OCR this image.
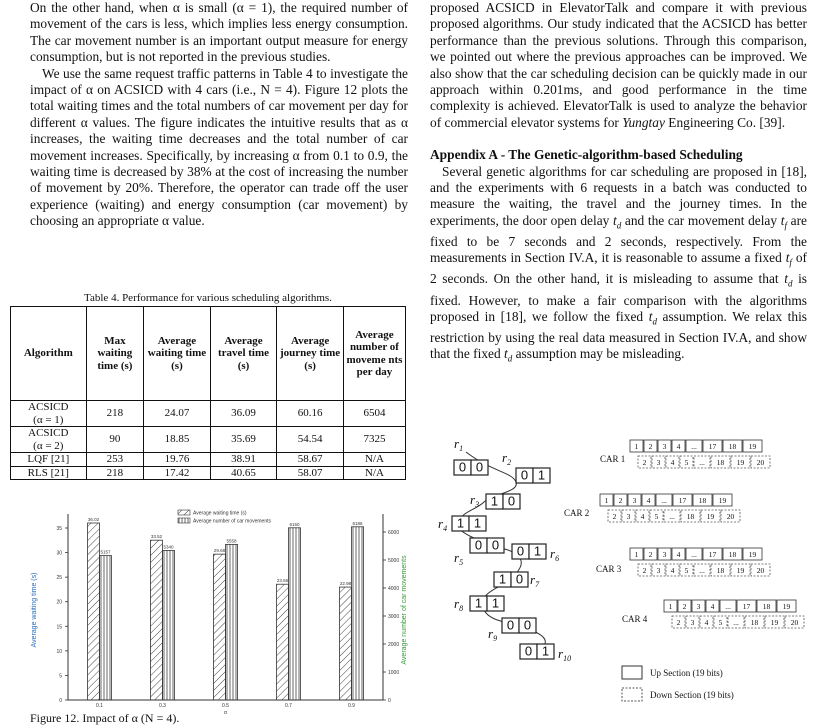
On the other hand, when α is small (α = 1), the required number of movement of the cars is less, which implies less energy consumption. The car movement number is an important output measure for energy consumption, but is not reported in the previous studies.

We use the same request traffic patterns in Table 4 to investigate the impact of α on ACSICD with 4 cars (i.e., N = 4). Figure 12 plots the total waiting times and the total numbers of car movement per day for different α values. The figure indicates the intuitive results that as α increases, the waiting time decreases and the total number of car movement increases. Specifically, by increasing α from 0.1 to 0.9, the waiting time is decreased by 38% at the cost of increasing the number of movement by 20%. Therefore, the operator can trade off the user experience (waiting) and energy consumption (car movement) by choosing an appropriate α value.

Table 4. Performance for various scheduling algorithms.
Algorithm	Max waiting time (s)	Average waiting time (s)	Average travel time (s)	Average journey time (s)	Average number of moveme nts per day
ACSICD
(α = 1)	218	24.07	36.09	60.16	6504
ACSICD
(α = 2)	90	18.85	35.69	54.54	7325
LQF [21]	253	19.76	38.91	58.67	N/A
RLS [21]	218	17.42	40.65	58.07	N/A
0
5
10
15
20
25
30
35
0
1000
2000
3000
4000
5000
6000
Average waiting time (s)	Average number of car movements
α
36.02
5157
0.1
33.52
5340
0.3
29.68
5558
0.5
23.56
6150
0.7
22.98
6186
0.9
Average waiting time (s)
Average number of car movements
Figure 12. Impact of α (N = 4).

proposed ACSICD in ElevatorTalk and compare it with previous proposed algorithms. Our study indicated that the ACSICD has better performance than the previous solutions. Through this comparison, we pointed out where the previous approaches can be improved. We also show that the car scheduling decision can be quickly made in our approach within 0.201ms, and good performance in the time complexity is achieved. ElevatorTalk is used to analyze the behavior of commercial elevator systems for Yungtay Engineering Co. [39].

Appendix A - The Genetic-algorithm-based Scheduling

Several genetic algorithms for car scheduling are proposed in [18], and the experiments with 6 requests in a batch was conducted to measure the waiting, the travel and the journey times. In the experiments, the door open delay $t_d$ and the car movement delay $t_f$ are fixed to be 7 seconds and 2 seconds, respectively. From the measurements in Section IV.A, it is reasonable to assume a fixed $t_f$ of 2 seconds. On the other hand, it is misleading to assume that $t_d$ is fixed. However, to make a fair comparison with the algorithms proposed in [18], we follow the fixed $t_d$ assumption. We relax this restriction by using the real data measured in Section IV.A, and show that the fixed $t_d$ assumption may be misleading.

$r_1$
0 0
$r_2$
0 1
$r_3$ 1 0
$r_4$ 1 1
$r_5$
0 0
$r_6$
0 1
$r_7$
1 0
$r_8$ 1 1
$r_9$
0 0
$r_{10}$
0 1
CAR 1
1 2 3 4 ... 17 18 19
2 3 4 5 ... 18 19 20
CAR 2
1 2 3 4 ... 17 18 19
2 3 4 5 ... 18 19 20
CAR 3
1 2 3 4 ... 17 18 19
2 3 4 5 ... 18 19 20
CAR 4
1 2 3 4 ... 17 18 19
2 3 4 5 ... 18 19 20
Up Section (19 bits)
Down Section (19 bits)
